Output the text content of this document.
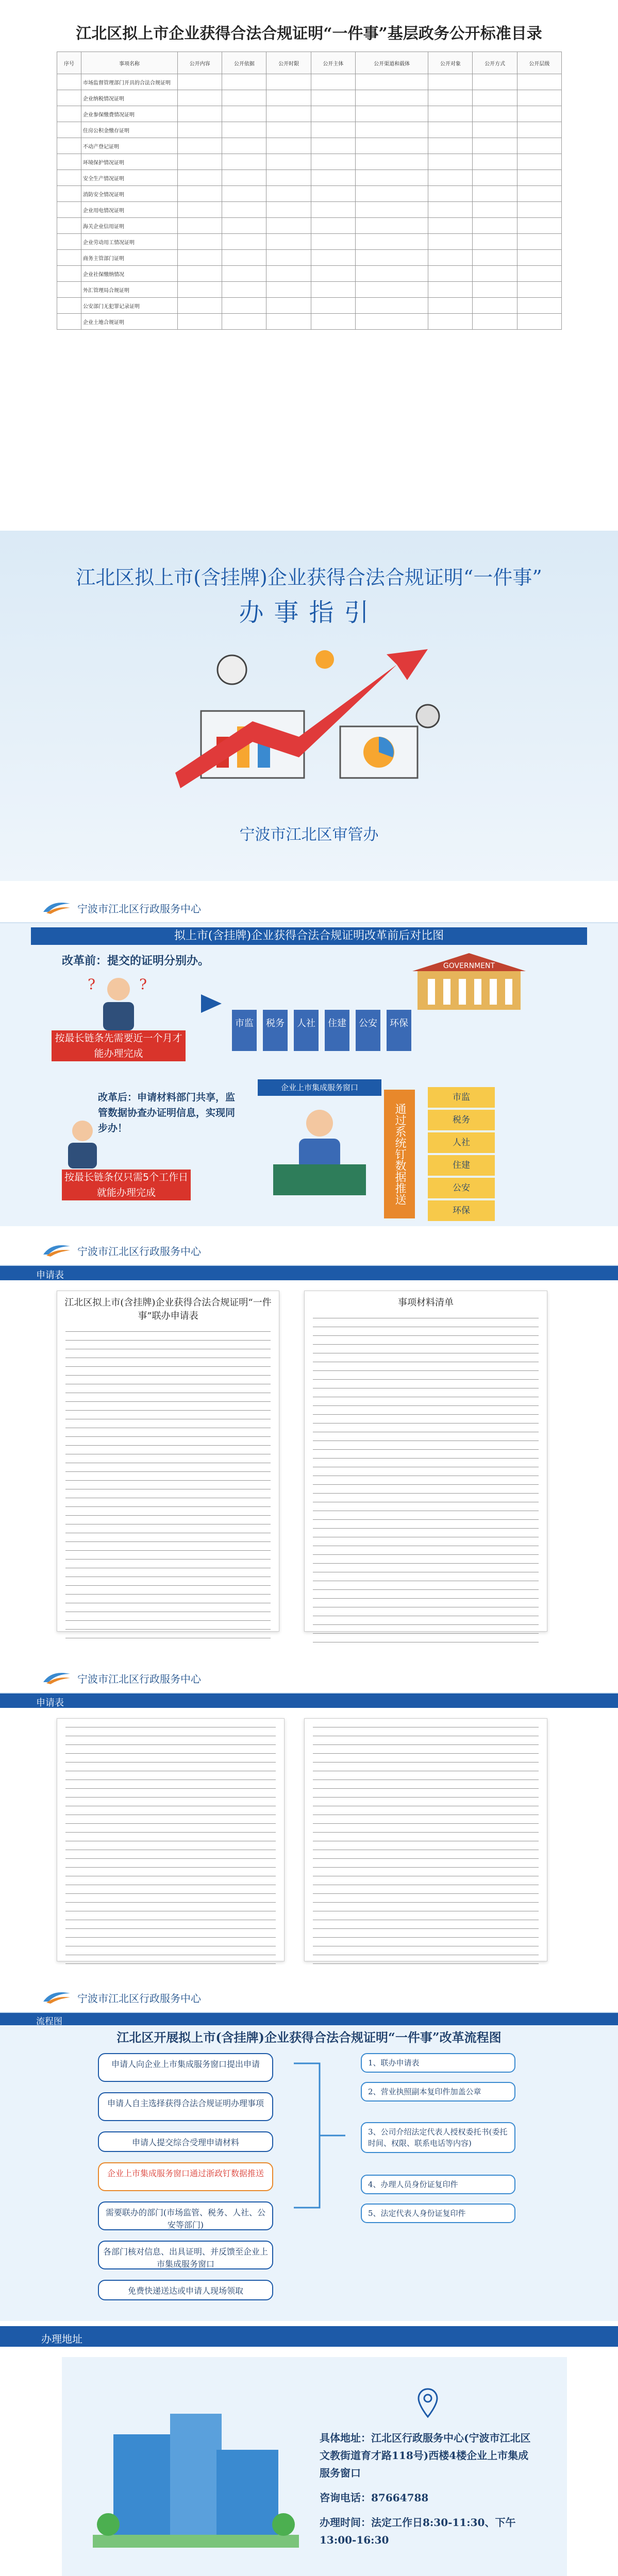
江北区拟上市企业获得合法合规证明“一件事”基层政务公开标准目录
序号	事项名称	公开内容	公开依据	公开时限	公开主体	公开渠道和载体	公开对象	公开方式	公开层级
	市场监督管理部门开具的合法合规证明								
	企业纳税情况证明								
	企业参保缴费情况证明								
	住房公积金缴存证明								
	不动产登记证明								
	环境保护情况证明								
	安全生产情况证明								
	消防安全情况证明								
	企业用电情况证明								
	海关企业信用证明								
	企业劳动用工情况证明								
	商务主管部门证明								
	企业社保缴纳情况								
	外汇管理局合规证明								
	公安部门无犯罪记录证明								
	企业土地合规证明								
江北区拟上市(含挂牌)企业获得合法合规证明“一件事”
办事指引
宁波市江北区审管办
宁波市江北区行政服务中心
拟上市(含挂牌)企业获得合法合规证明改革前后对比图
改革前：提交的证明分别办。
?
?
按最长链条先需要近一个月才能办理完成
市监	税务	人社	住建	公安	环保
GOVERNMENT
改革后：申请材料部门共享，监管数据协查办证明信息，实现同步办！
按最长链条仅只需5个工作日就能办理完成
企业上市集成服务窗口
通过系统钉数据推送
市监
税务
人社
住建
公安
环保
宁波市江北区行政服务中心
申请表
江北区拟上市(含挂牌)企业获得合法合规证明“一件事”联办申请表
事项材料清单
宁波市江北区行政服务中心
申请表
宁波市江北区行政服务中心
流程图
江北区开展拟上市(含挂牌)企业获得合法合规证明“一件事”改革流程图
申请人向企业上市集成服务窗口提出申请
申请人自主选择获得合法合规证明办理事项
申请人提交综合受理申请材料
企业上市集成服务窗口通过浙政钉数据推送
需要联办的部门(市场监管、税务、人社、公安等部门)
各部门核对信息、出具证明、并反馈至企业上市集成服务窗口
免费快递送达或申请人现场领取
1、联办申请表
2、营业执照副本复印件加盖公章
3、公司介绍法定代表人授权委托书(委托时间、权限、联系电话等内容)
4、办理人员身份证复印件
5、法定代表人身份证复印件
办理地址
具体地址：江北区行政服务中心(宁波市江北区文教街道育才路118号)西楼4楼企业上市集成服务窗口
咨询电话：87664788
办理时间：法定工作日8:30-11:30、下午13:00-16:30
